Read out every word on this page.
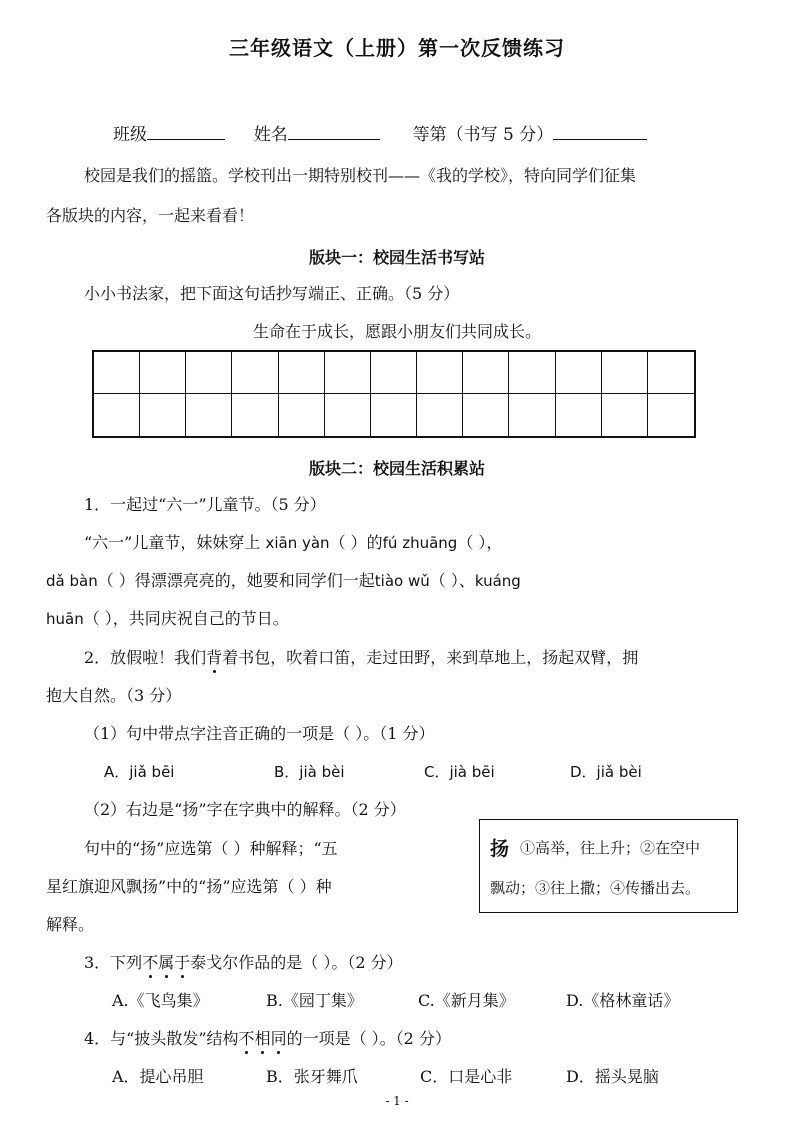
三年级语文（上册）第一次反馈练习
班级	姓名	等第（书写 5 分）
校园是我们的摇篮。学校刊出一期特别校刊——《我的学校》，特向同学们征集
各版块的内容，一起来看看！
版块一：校园生活书写站
小小书法家，把下面这句话抄写端正、正确。（5 分）
生命在于成长，愿跟小朋友们共同成长。
版块二：校园生活积累站
1．一起过“六一”儿童节。（5 分）
“六一”儿童节，妹妹穿上 xiān yàn（ ）的fú zhuāng（ ），
dǎ bàn（ ）得漂漂亮亮的，她要和同学们一起tiào wǔ（ ）、kuáng
huān（ ），共同庆祝自己的节日。
2．放假啦！我们背着书包，吹着口笛，走过田野，来到草地上，扬起双臂，拥
抱大自然。（3 分）
（1）句中带点字注音正确的一项是（ ）。（1 分）
A．jiǎ bēi	B．jià bèi	C．jià bēi	D．jiǎ bèi
（2）右边是“扬”字在字典中的解释。（2 分）
句中的“扬”应选第（ ）种解释；“五
星红旗迎风飘扬”中的“扬”应选第（ ）种
解释。
扬 ①高举，往上升；②在空中
飘动；③往上撒；④传播出去。
3．下列不属于泰戈尔作品的是（ ）。（2 分）
A.《飞鸟集》	B.《园丁集》	C.《新月集》	D.《格林童话》
4．与“披头散发”结构不相同的一项是（ ）。（2 分）
A．提心吊胆	B．张牙舞爪	C．口是心非	D．摇头晃脑
- 1 -
